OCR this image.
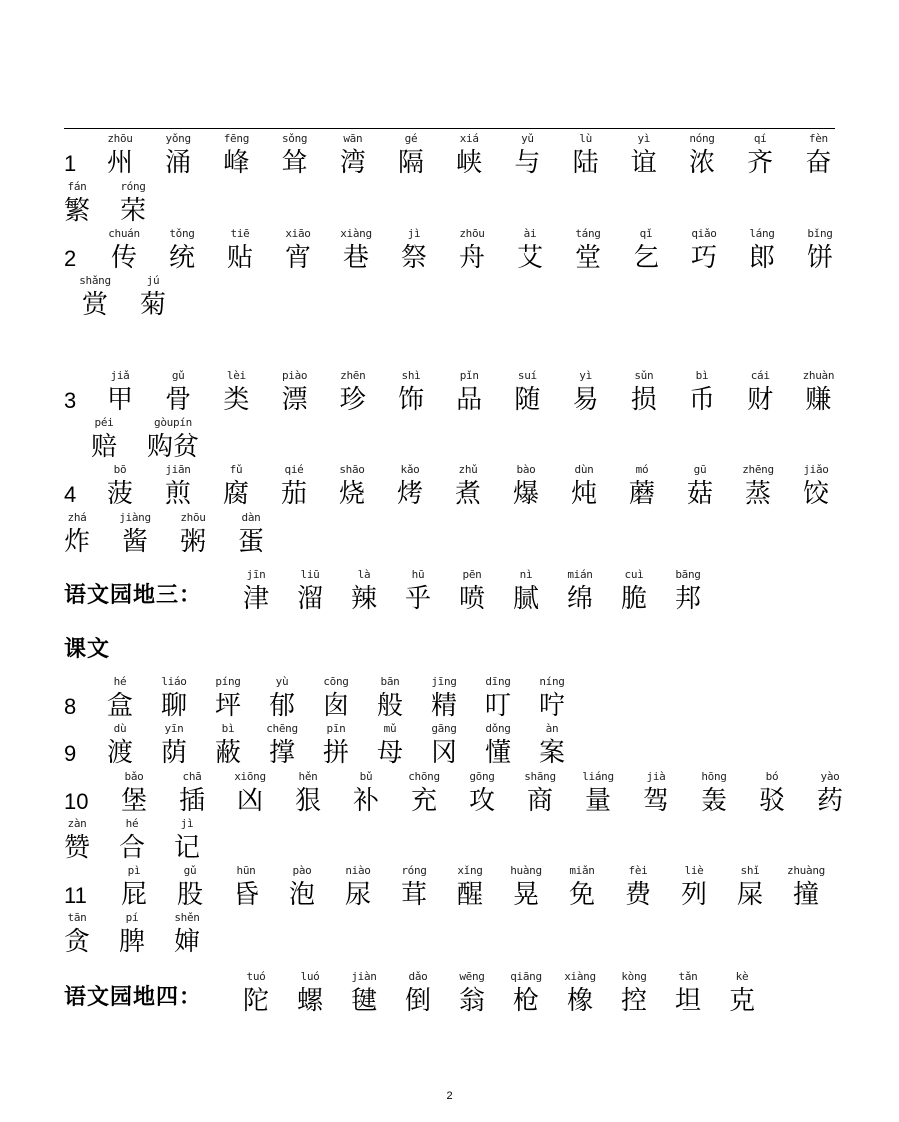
1
zhōu
州
yǒng
涌
fēng
峰
sǒng
耸
wān
湾
gé
隔
xiá
峡
yǔ
与
lù
陆
yì
谊
nóng
浓
qí
齐
fèn
奋
fán
繁
róng
荣
2
chuán
传
tǒng
统
tiē
贴
xiāo
宵
xiàng
巷
jì
祭
zhōu
舟
ài
艾
táng
堂
qǐ
乞
qiǎo
巧
láng
郎
bǐng
饼
shǎng
赏
jú
菊
3
jiǎ
甲
gǔ
骨
lèi
类
piào
漂
zhēn
珍
shì
饰
pǐn
品
suí
随
yì
易
sǔn
损
bì
币
cái
财
zhuàn
赚
péi
赔
gòupín
购贫
4
bō
菠
jiān
煎
fǔ
腐
qié
茄
shāo
烧
kǎo
烤
zhǔ
煮
bào
爆
dùn
炖
mó
蘑
gū
菇
zhēng
蒸
jiǎo
饺
zhá
炸
jiàng
酱
zhōu
粥
dàn
蛋
jīn
津
liū
溜
là
辣
hū
乎
pēn
喷
nì
腻
mián
绵
cuì
脆
bāng
邦
8
hé
盒
liáo
聊
píng
坪
yù
郁
cōng
囱
bān
般
jīng
精
dīng
叮
níng
咛
9
dù
渡
yīn
荫
bì
蔽
chēng
撑
pīn
拼
mǔ
母
gāng
冈
dǒng
懂
àn
案
10
bǎo
堡
chā
插
xiōng
凶
hěn
狠
bǔ
补
chōng
充
gōng
攻
shāng
商
liáng
量
jià
驾
hōng
轰
bó
驳
yào
药
zàn
赞
hé
合
jì
记
11
pì
屁
gǔ
股
hūn
昏
pào
泡
niào
尿
róng
茸
xǐng
醒
huàng
晃
miǎn
免
fèi
费
liè
列
shǐ
屎
zhuàng
撞
tān
贪
pí
脾
shěn
婶
tuó
陀
luó
螺
jiàn
毽
dǎo
倒
wēng
翁
qiāng
枪
xiàng
橡
kòng
控
tǎn
坦
kè
克
语文园地三：
课文
语文园地四：
2
